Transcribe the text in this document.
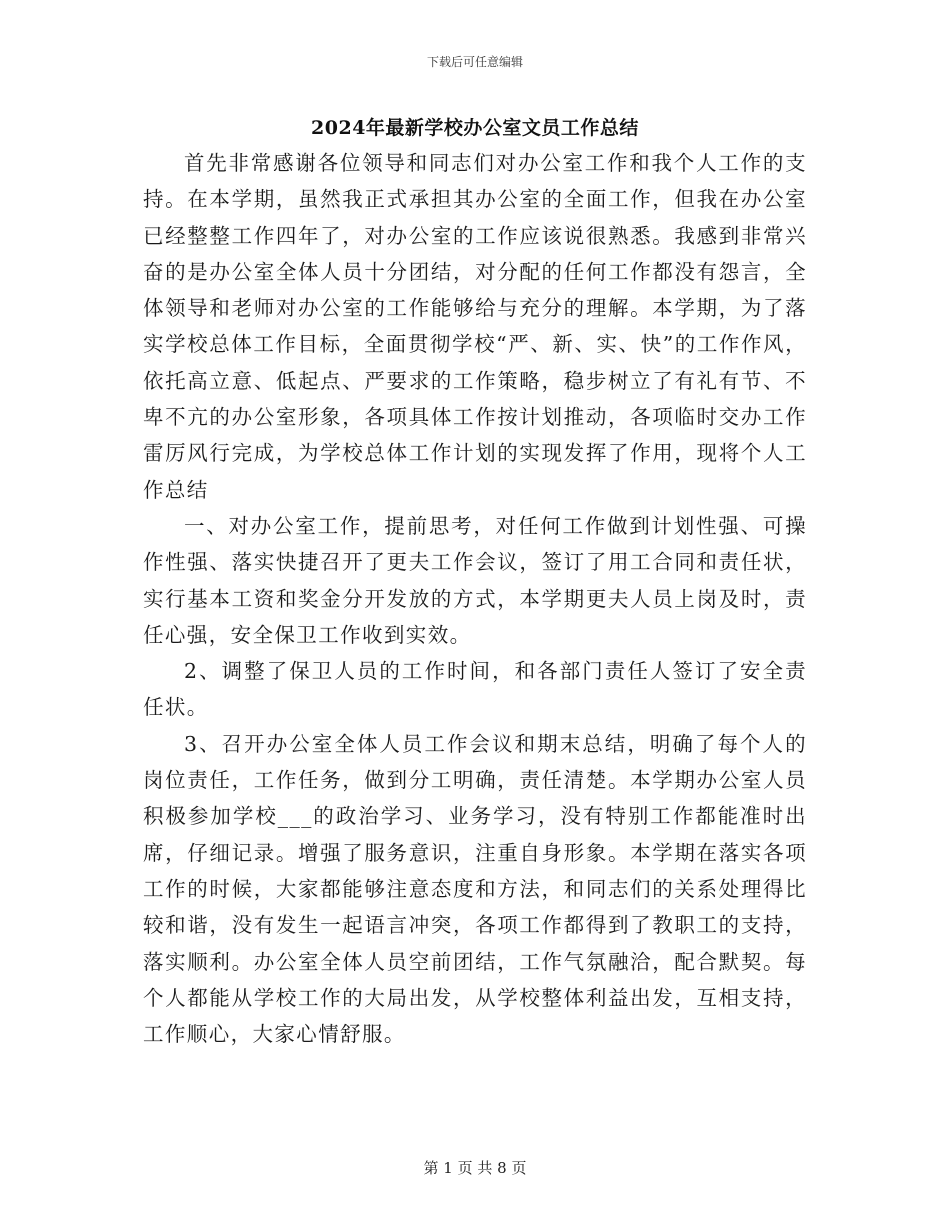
下载后可任意编辑
2024年最新学校办公室文员工作总结

首先非常感谢各位领导和同志们对办公室工作和我个人工作的支持。在本学期，虽然我正式承担其办公室的全面工作，但我在办公室已经整整工作四年了，对办公室的工作应该说很熟悉。我感到非常兴奋的是办公室全体人员十分团结，对分配的任何工作都没有怨言，全体领导和老师对办公室的工作能够给与充分的理解。本学期，为了落实学校总体工作目标，全面贯彻学校“严、新、实、快”的工作作风，依托高立意、低起点、严要求的工作策略，稳步树立了有礼有节、不卑不亢的办公室形象，各项具体工作按计划推动，各项临时交办工作雷厉风行完成，为学校总体工作计划的实现发挥了作用，现将个人工作总结

一、对办公室工作，提前思考，对任何工作做到计划性强、可操作性强、落实快捷召开了更夫工作会议，签订了用工合同和责任状，实行基本工资和奖金分开发放的方式，本学期更夫人员上岗及时，责任心强，安全保卫工作收到实效。

2、调整了保卫人员的工作时间，和各部门责任人签订了安全责任状。

3、召开办公室全体人员工作会议和期末总结，明确了每个人的岗位责任，工作任务，做到分工明确，责任清楚。本学期办公室人员积极参加学校___的政治学习、业务学习，没有特别工作都能准时出席，仔细记录。增强了服务意识，注重自身形象。本学期在落实各项工作的时候，大家都能够注意态度和方法，和同志们的关系处理得比较和谐，没有发生一起语言冲突，各项工作都得到了教职工的支持，落实顺利。办公室全体人员空前团结，工作气氛融洽，配合默契。每个人都能从学校工作的大局出发，从学校整体利益出发，互相支持，工作顺心，大家心情舒服。

第 1 页 共 8 页
